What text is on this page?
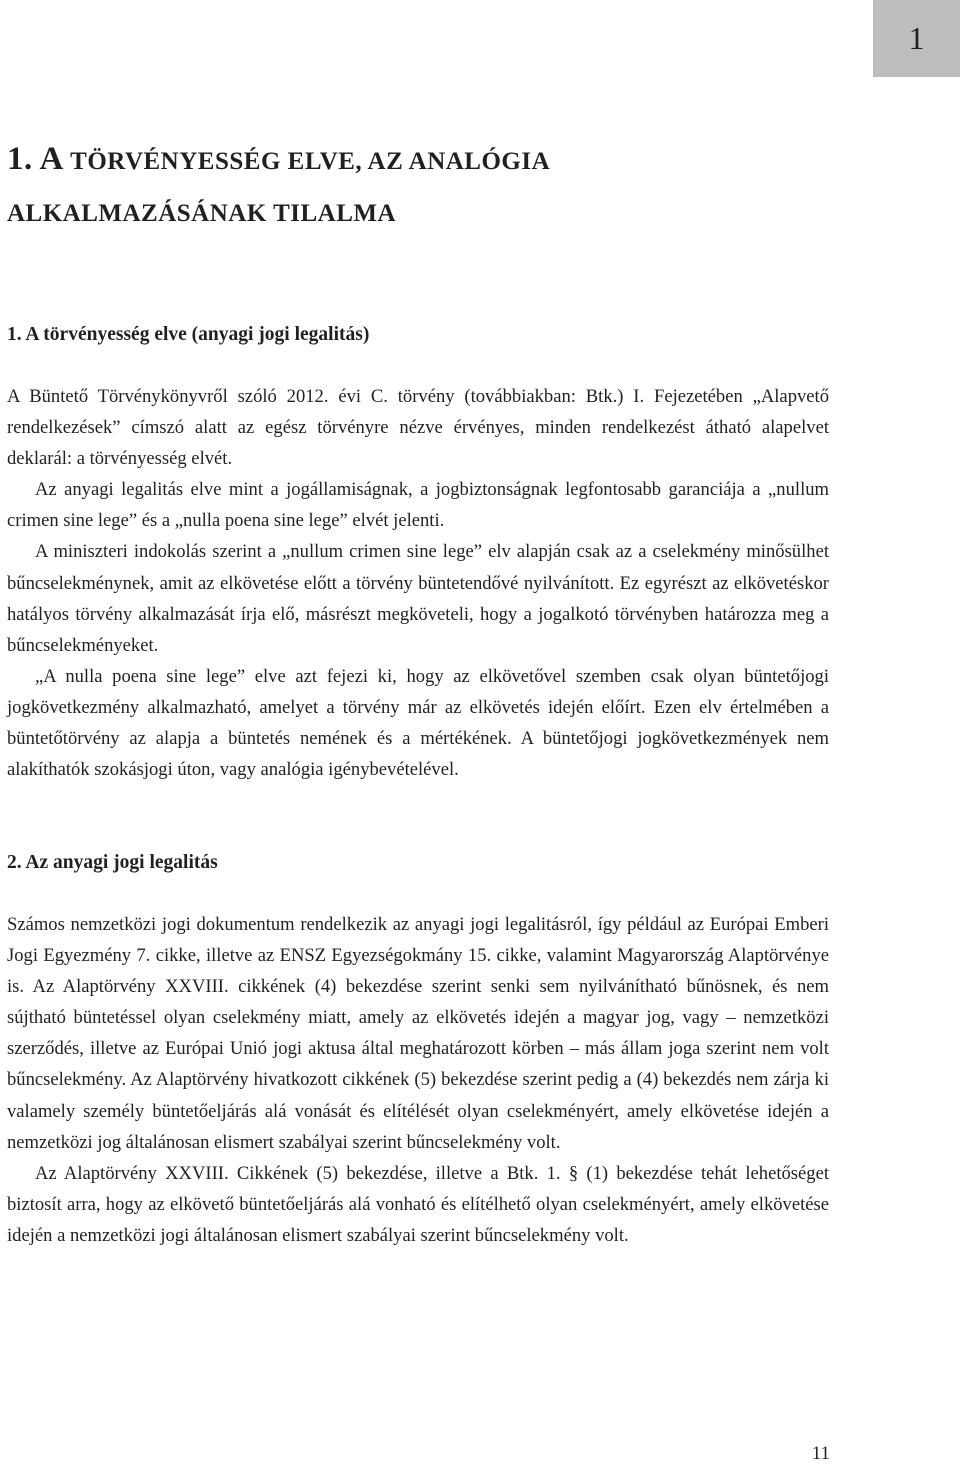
1
1. A TÖRVÉNYESSÉG ELVE, AZ ANALÓGIA
ALKALMAZÁSÁNAK TILALMA
1. A törvényesség elve (anyagi jogi legalitás)

A Büntető Törvénykönyvről szóló 2012. évi C. törvény (továbbiakban: Btk.) I. Fejezetében „Alapvető rendelkezések” címszó alatt az egész törvényre nézve érvényes, minden rendelkezést átható alapelvet deklarál: a törvényesség elvét.

Az anyagi legalitás elve mint a jogállamiságnak, a jogbiztonságnak legfontosabb garanciája a „nullum crimen sine lege” és a „nulla poena sine lege” elvét jelenti.

A miniszteri indokolás szerint a „nullum crimen sine lege” elv alapján csak az a cselekmény minősülhet bűncselekménynek, amit az elkövetése előtt a törvény büntetendővé nyilvánított. Ez egyrészt az elkövetéskor hatályos törvény alkalmazását írja elő, másrészt megköveteli, hogy a jogalkotó törvényben határozza meg a bűncselekményeket.

„A nulla poena sine lege” elve azt fejezi ki, hogy az elkövetővel szemben csak olyan büntetőjogi jogkövetkezmény alkalmazható, amelyet a törvény már az elkövetés idején előírt. Ezen elv értelmében a büntetőtörvény az alapja a büntetés nemének és a mértékének. A büntetőjogi jogkövetkezmények nem alakíthatók szokásjogi úton, vagy analógia igénybevételével.

2. Az anyagi jogi legalitás

Számos nemzetközi jogi dokumentum rendelkezik az anyagi jogi legalitásról, így például az Európai Emberi Jogi Egyezmény 7. cikke, illetve az ENSZ Egyezségokmány 15. cikke, valamint Magyarország Alaptörvénye is. Az Alaptörvény XXVIII. cikkének (4) bekezdése szerint senki sem nyilvánítható bűnösnek, és nem sújtható büntetéssel olyan cselekmény miatt, amely az elkövetés idején a magyar jog, vagy – nemzetközi szerződés, illetve az Európai Unió jogi aktusa által meghatározott körben – más állam joga szerint nem volt bűncselekmény. Az Alaptörvény hivatkozott cikkének (5) bekezdése szerint pedig a (4) bekezdés nem zárja ki valamely személy büntetőeljárás alá vonását és elítélését olyan cselekményért, amely elkövetése idején a nemzetközi jog általánosan elismert szabályai szerint bűncselekmény volt.

Az Alaptörvény XXVIII. Cikkének (5) bekezdése, illetve a Btk. 1. § (1) bekezdése tehát lehetőséget biztosít arra, hogy az elkövető büntetőeljárás alá vonható és elítélhető olyan cselekményért, amely elkövetése idején a nemzetközi jogi általánosan elismert szabályai szerint bűncselekmény volt.

11
